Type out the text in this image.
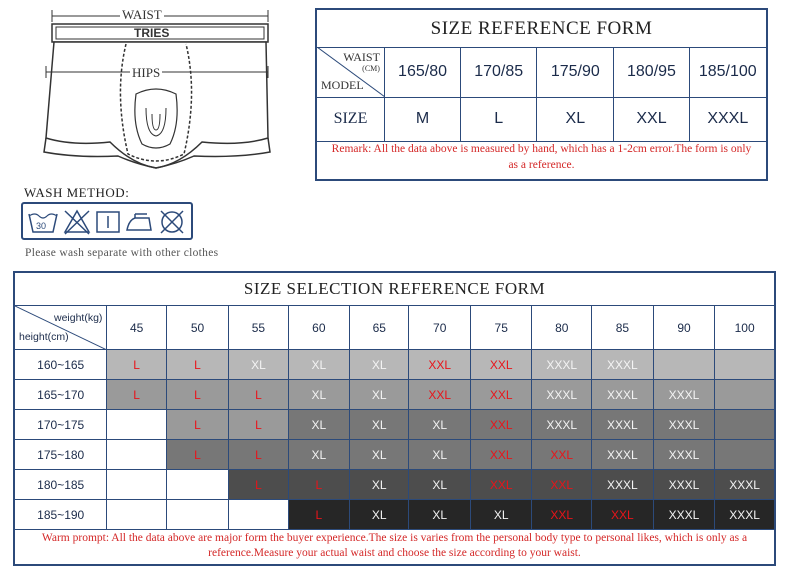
WAIST
TRIES
HIPS
WASH METHOD:
30
Please wash separate with other clothes
SIZE REFERENCE FORM
WAIST
(CM)
MODEL	165/80	170/85	175/90	180/95	185/100
SIZE	M	L	XL	XXL	XXXL
Remark: All the data above is measured by hand, which has a 1-2cm error.The form is only as a reference.
SIZE SELECTION REFERENCE FORM
weight(kg)
height(cm)	45	50	55	60	65	70	75	80	85	90	100
160~165	L	L	XL	XL	XL	XXL	XXL	XXXL	XXXL		
165~170	L	L	L	XL	XL	XXL	XXL	XXXL	XXXL	XXXL	
170~175		L	L	XL	XL	XL	XXL	XXXL	XXXL	XXXL	
175~180		L	L	XL	XL	XL	XXL	XXL	XXXL	XXXL	
180~185			L	L	XL	XL	XXL	XXL	XXXL	XXXL	XXXL
185~190				L	XL	XL	XL	XXL	XXL	XXXL	XXXL
Warm prompt: All the data above are major form the buyer experience.The size is varies from the personal body type to personal likes, which is only as a reference.Measure your actual waist and choose the size according to your waist.
